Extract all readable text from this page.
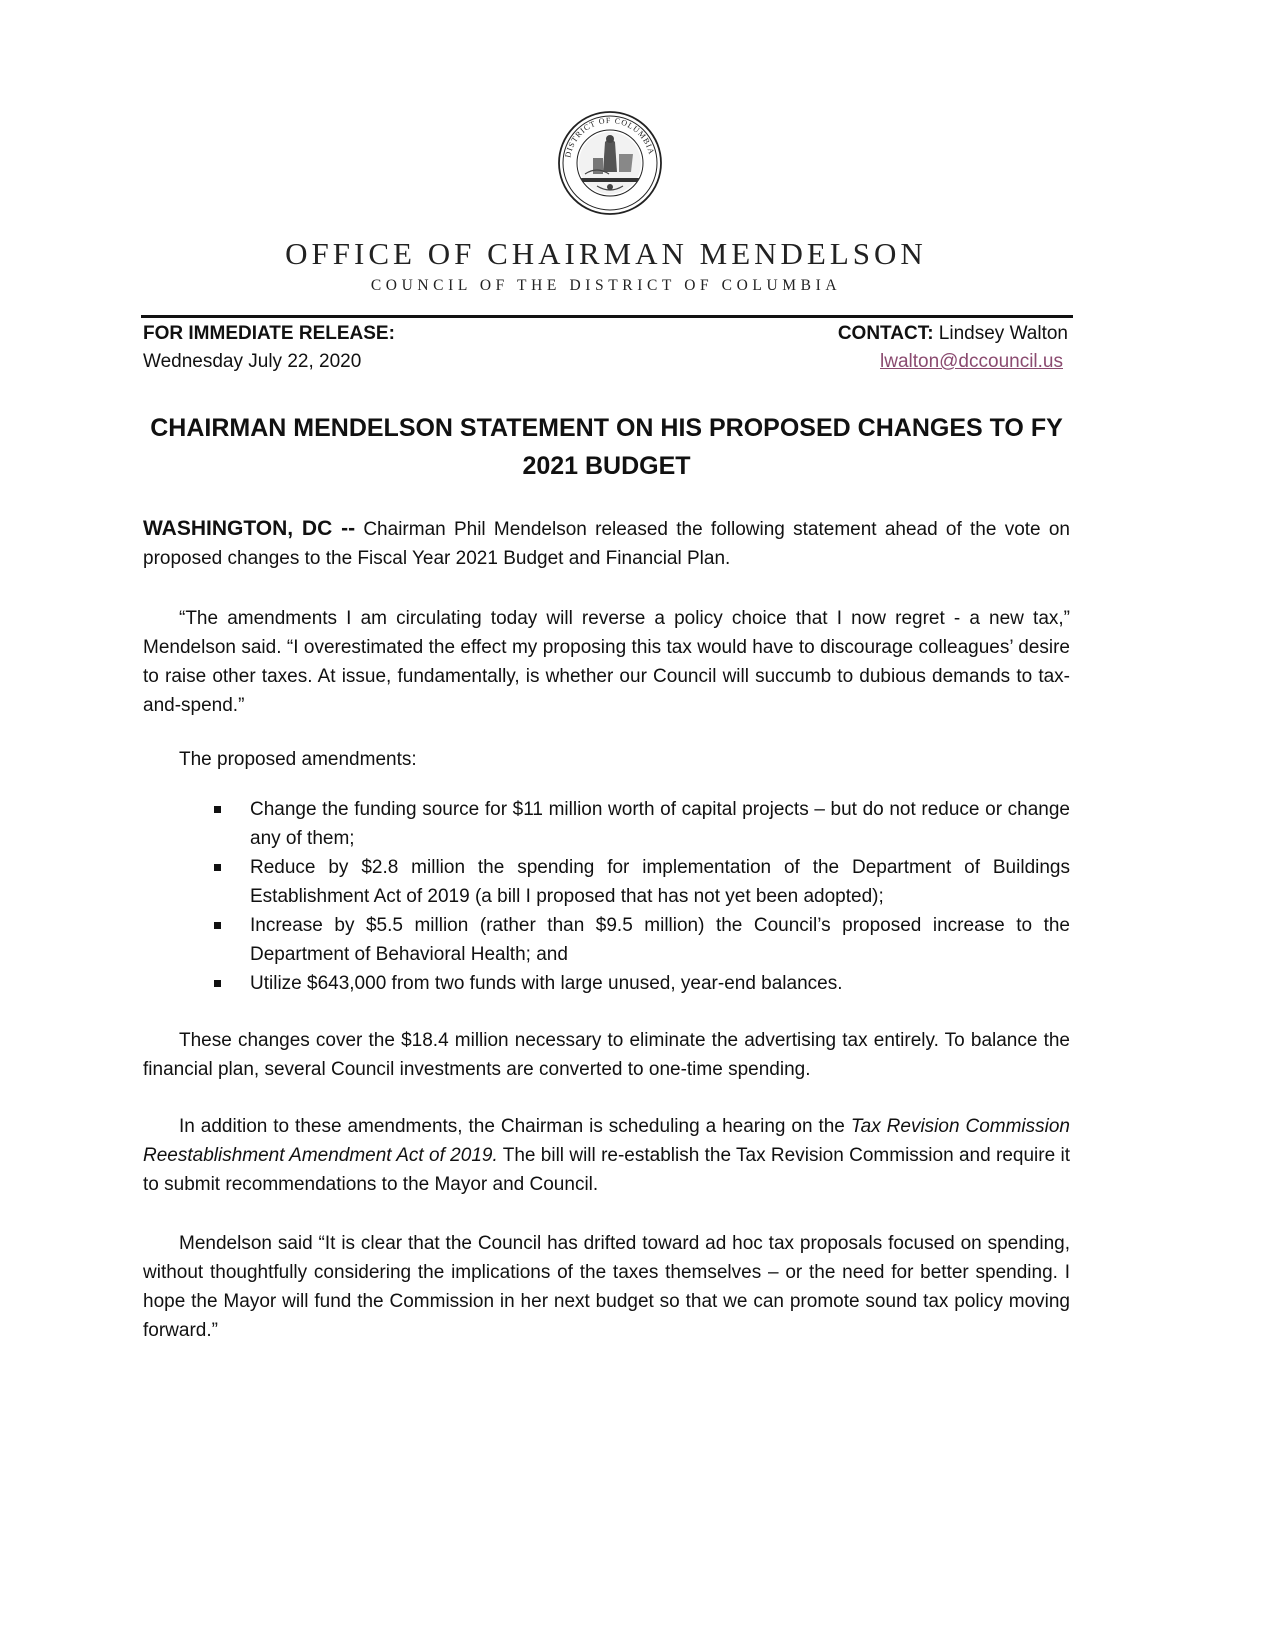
DISTRICT OF COLUMBIA
OFFICE OF CHAIRMAN MENDELSON
COUNCIL OF THE DISTRICT OF COLUMBIA
FOR IMMEDIATE RELEASE:
Wednesday July 22, 2020
CONTACT: Lindsey Walton
lwalton@dccouncil.us
CHAIRMAN MENDELSON STATEMENT ON HIS PROPOSED CHANGES TO FY 2021 BUDGET
WASHINGTON, DC -- Chairman Phil Mendelson released the following statement ahead of the vote on proposed changes to the Fiscal Year 2021 Budget and Financial Plan.
“The amendments I am circulating today will reverse a policy choice that I now regret - a new tax,” Mendelson said. “I overestimated the effect my proposing this tax would have to discourage colleagues’ desire to raise other taxes. At issue, fundamentally, is whether our Council will succumb to dubious demands to tax-and-spend.”
The proposed amendments:
Change the funding source for $11 million worth of capital projects – but do not reduce or change any of them;
Reduce by $2.8 million the spending for implementation of the Department of Buildings Establishment Act of 2019 (a bill I proposed that has not yet been adopted);
Increase by $5.5 million (rather than $9.5 million) the Council’s proposed increase to the Department of Behavioral Health; and
Utilize $643,000 from two funds with large unused, year-end balances.
These changes cover the $18.4 million necessary to eliminate the advertising tax entirely. To balance the financial plan, several Council investments are converted to one-time spending.
In addition to these amendments, the Chairman is scheduling a hearing on the Tax Revision Commission Reestablishment Amendment Act of 2019. The bill will re-establish the Tax Revision Commission and require it to submit recommendations to the Mayor and Council.
Mendelson said “It is clear that the Council has drifted toward ad hoc tax proposals focused on spending, without thoughtfully considering the implications of the taxes themselves – or the need for better spending. I hope the Mayor will fund the Commission in her next budget so that we can promote sound tax policy moving forward.”
